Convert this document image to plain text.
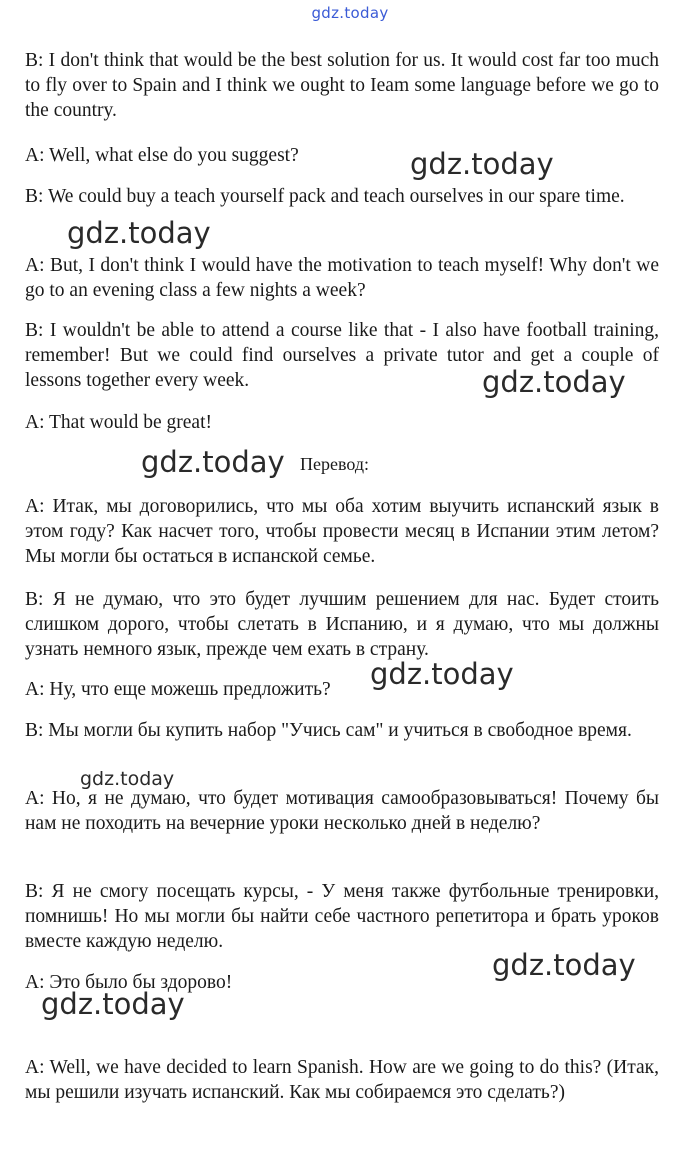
gdz.today

B: I don't think that would be the best solution for us. It would cost far too much to fly over to Spain and I think we ought to Ieam some language before we go to the country.

A: Well, what else do you suggest?

B: We could buy a teach yourself pack and teach ourselves in our spare time.

A: But, I don't think I would have the motivation to teach myself! Why don't we go to an evening class a few nights a week?

B: I wouldn't be able to attend a course like that - I also have football training, remember! But we could find ourselves a private tutor and get a couple of lessons together every week.

A: That would be great!

Перевод:

А: Итак, мы договорились, что мы оба хотим выучить испанский язык в этом году? Как насчет того, чтобы провести месяц в Испании этим летом? Мы могли бы остаться в испанской семье.

В: Я не думаю, что это будет лучшим решением для нас. Будет стоить слишком дорого, чтобы слетать в Испанию, и я думаю, что мы должны узнать немного язык, прежде чем ехать в страну.

А: Ну, что еще можешь предложить?

В: Мы могли бы купить набор "Учись сам" и учиться в свободное время.

А: Но, я не думаю, что будет мотивация самообразовываться! Почему бы нам не походить на вечерние уроки несколько дней в неделю?

В: Я не смогу посещать курсы, - У меня также футбольные тренировки, помнишь! Но мы могли бы найти себе частного репетитора и брать уроков вместе каждую неделю.

А: Это было бы здорово!

A: Well, we have decided to learn Spanish. How are we going to do this? (Итак, мы решили изучать испанский. Как мы собираемся это сделать?)

gdz.today
gdz.today
gdz.today
gdz.today
gdz.today
gdz.today
gdz.today
gdz.today
